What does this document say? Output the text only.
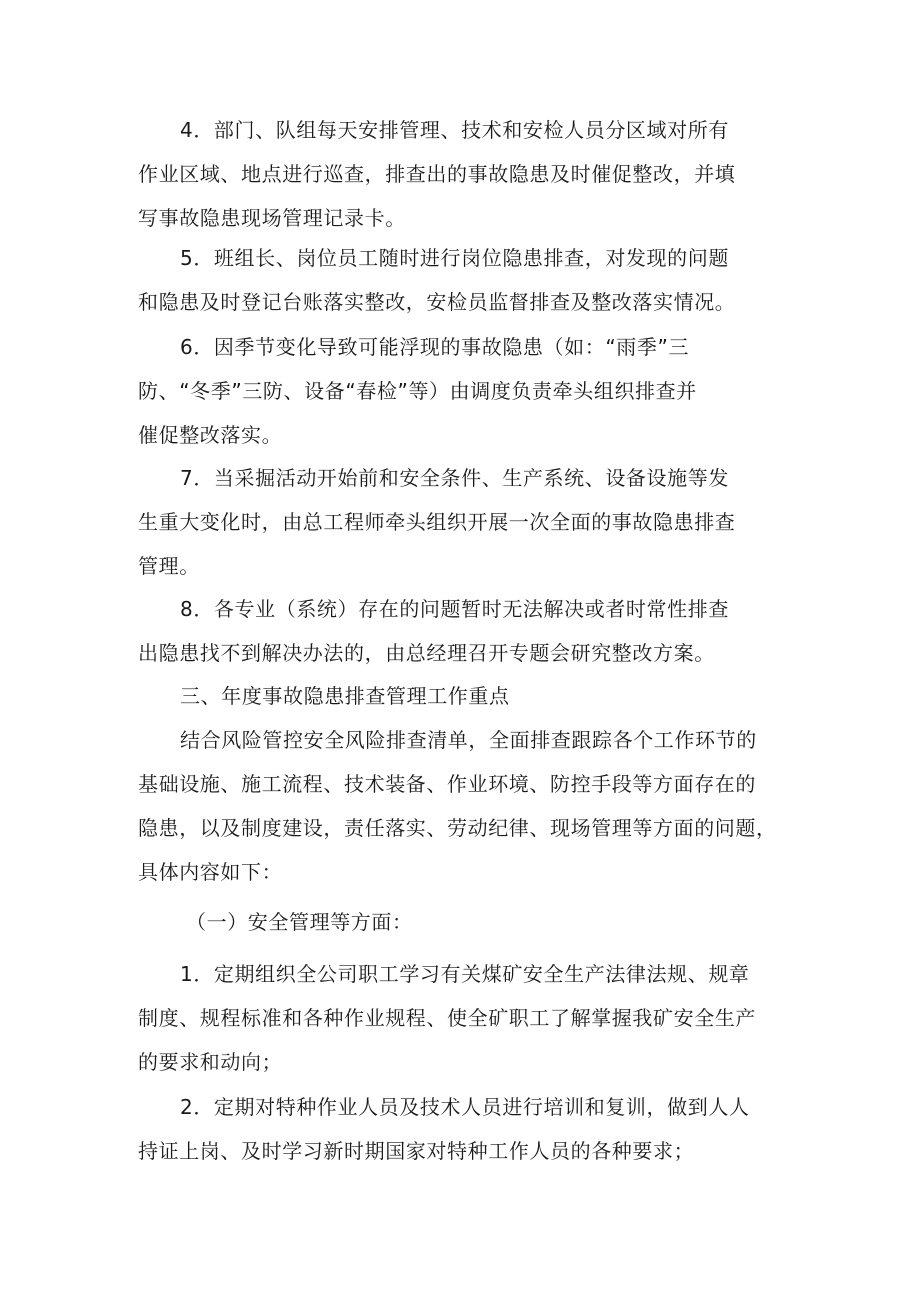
4．部门、队组每天安排管理、技术和安检人员分区域对所有
作业区域、地点进行巡查，排查出的事故隐患及时催促整改，并填
写事故隐患现场管理记录卡。
5．班组长、岗位员工随时进行岗位隐患排查，对发现的问题
和隐患及时登记台账落实整改，安检员监督排查及整改落实情况。
6．因季节变化导致可能浮现的事故隐患（如：“雨季”三
防、“冬季”三防、设备“春检”等）由调度负责牵头组织排查并
催促整改落实。
7．当采掘活动开始前和安全条件、生产系统、设备设施等发
生重大变化时，由总工程师牵头组织开展一次全面的事故隐患排查
管理。
8．各专业（系统）存在的问题暂时无法解决或者时常性排查
出隐患找不到解决办法的，由总经理召开专题会研究整改方案。
三、年度事故隐患排查管理工作重点
结合风险管控安全风险排查清单，全面排查跟踪各个工作环节的
基础设施、施工流程、技术装备、作业环境、防控手段等方面存在的
隐患，以及制度建设，责任落实、劳动纪律、现场管理等方面的问题，
具体内容如下：
（一）安全管理等方面：
1．定期组织全公司职工学习有关煤矿安全生产法律法规、规章
制度、规程标准和各种作业规程、使全矿职工了解掌握我矿安全生产
的要求和动向；
2．定期对特种作业人员及技术人员进行培训和复训，做到人人
持证上岗、及时学习新时期国家对特种工作人员的各种要求；
